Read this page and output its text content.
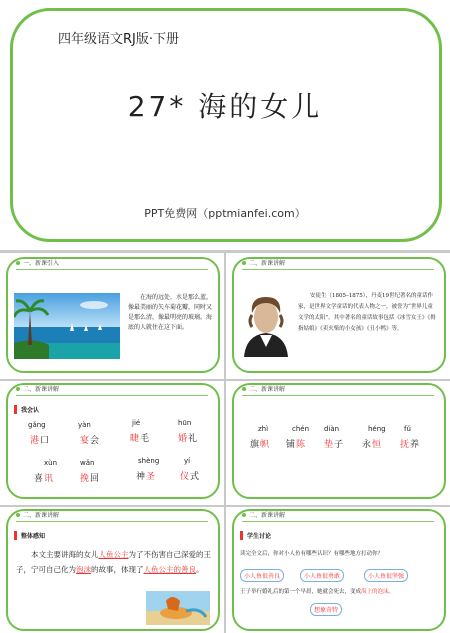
四年级语文RJ版·下册
27* 海的女儿
PPT免费网（pptmianfei.com）
一、新课引入
在海的远处，水是那么蓝，像最美丽的矢车菊花瓣，同时又是那么清，像最明亮的玻璃。海底的人就住在这下面。
二、新课讲解
安徒生（1805–1875），丹麦19世纪著名的童话作家，是世界文学童话的代表人物之一，被誉为“世界儿童文学的太阳”。其中著名的童话故事包括《冰雪女王》《拇指姑娘》《卖火柴的小女孩》《丑小鸭》等。
二、新课讲解
我会认
gǎng
港口
yàn
宴会
jié
睫毛
hūn
婚礼
xùn
喜讯
wǎn
挽回
shèng
神圣
yí
仪式
二、新课讲解
zhì
旗帜
chén
铺陈
diàn
垫子
héng
永恒
fǔ
抚养
二、新课讲解
整体感知
本文主要讲海的女儿人鱼公主为了不伤害自己深爱的王子，宁可自己化为泡沫的故事，体现了人鱼公主的善良。
二、新课讲解
学生讨论
读完全文后，你对小人鱼有哪些认识？有哪些地方打动你？
小人鱼很善良	小人鱼很勇敢	小人鱼很坚强
王子举行婚礼后的第一个早晨，她就会死去，变成海上的泡沫。
想象奇特
